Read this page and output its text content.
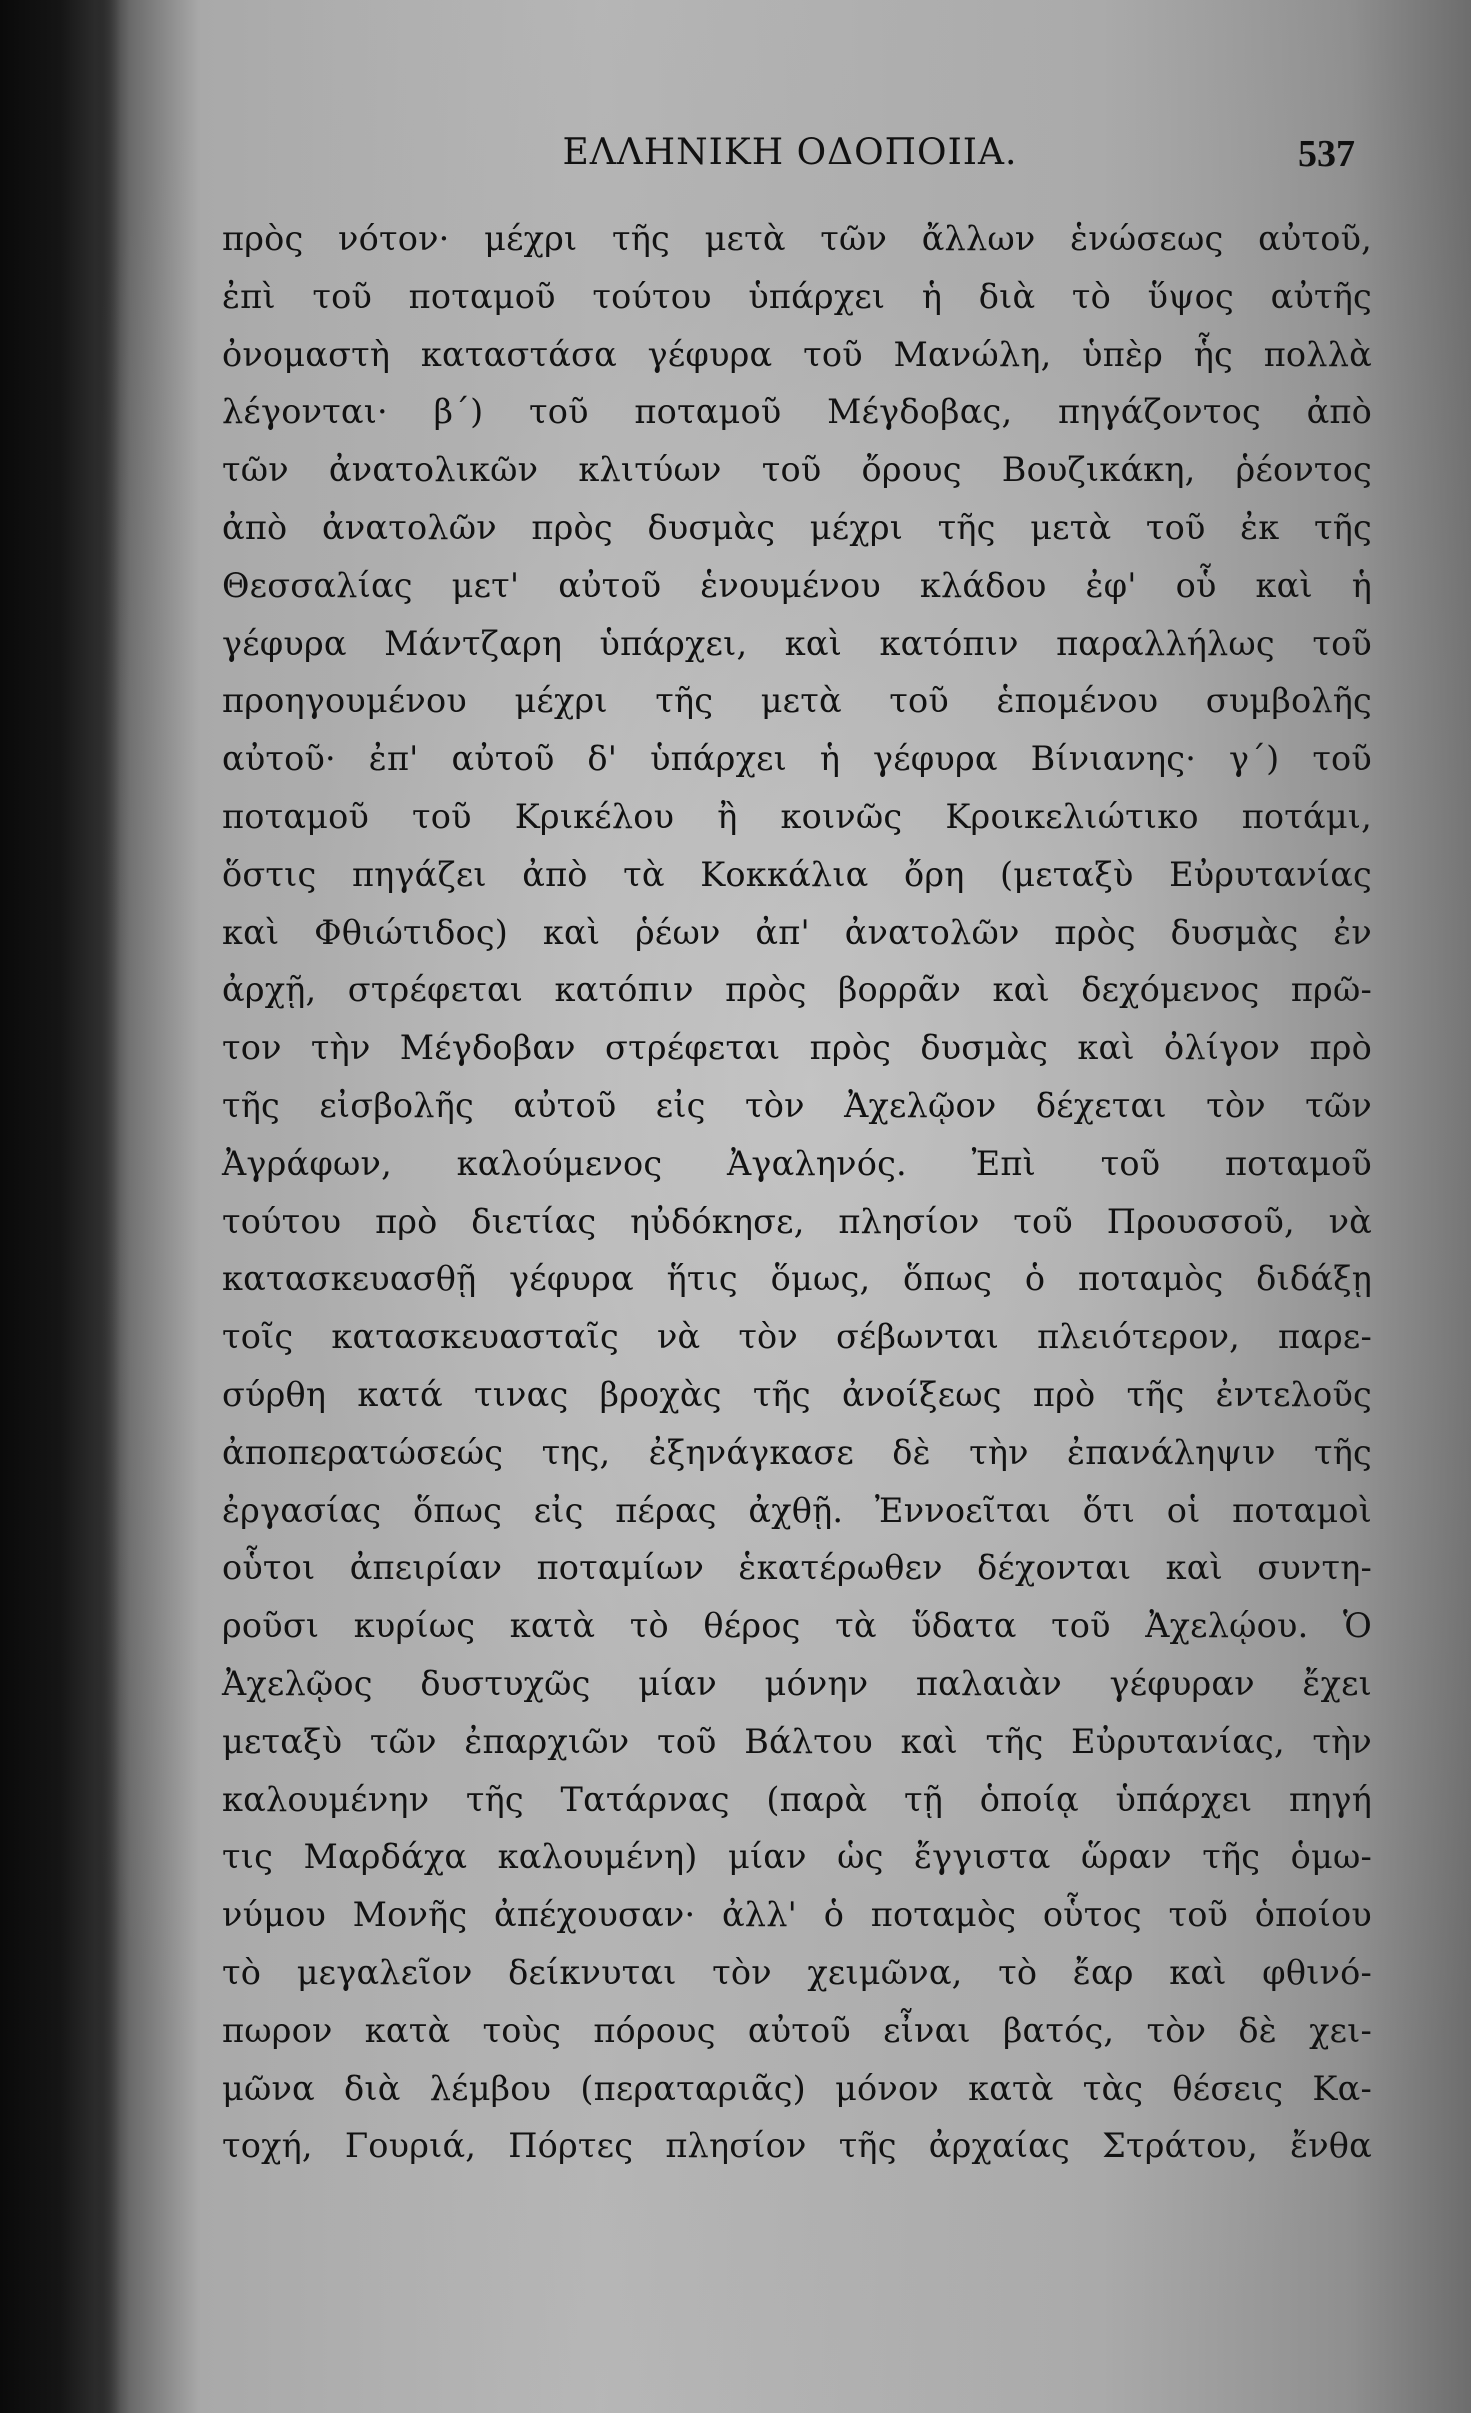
ΕΛΛΗΝΙΚΗ ΟΔΟΠΟΙΙΑ.	537
πρὸς νότον· μέχρι τῆς μετὰ τῶν ἄλλων ἑνώσεως αὐτοῦ,
ἐπὶ τοῦ ποταμοῦ τούτου ὑπάρχει ἡ διὰ τὸ ὕψος αὐτῆς
ὀνομαστὴ καταστάσα γέφυρα τοῦ Μανώλη, ὑπὲρ ἧς πολλὰ
λέγονται· β΄) τοῦ ποταμοῦ Μέγδοβας, πηγάζοντος ἀπὸ
τῶν ἀνατολικῶν κλιτύων τοῦ ὄρους Βουζικάκη, ῥέοντος
ἀπὸ ἀνατολῶν πρὸς δυσμὰς μέχρι τῆς μετὰ τοῦ ἐκ τῆς
Θεσσαλίας μετ' αὐτοῦ ἑνουμένου κλάδου ἐφ' οὗ καὶ ἡ
γέφυρα Μάντζαρη ὑπάρχει, καὶ κατόπιν παραλλήλως τοῦ
προηγουμένου μέχρι τῆς μετὰ τοῦ ἑπομένου συμβολῆς
αὐτοῦ· ἐπ' αὐτοῦ δ' ὑπάρχει ἡ γέφυρα Βίνιανης· γ΄) τοῦ
ποταμοῦ τοῦ Κρικέλου ἢ κοινῶς Κροικελιώτικο ποτάμι,
ὅστις πηγάζει ἀπὸ τὰ Κοκκάλια ὄρη (μεταξὺ Εὐρυτανίας
καὶ Φθιώτιδος) καὶ ῥέων ἀπ' ἀνατολῶν πρὸς δυσμὰς ἐν
ἀρχῇ, στρέφεται κατόπιν πρὸς βορρᾶν καὶ δεχόμενος πρῶ-
τον τὴν Μέγδοβαν στρέφεται πρὸς δυσμὰς καὶ ὀλίγον πρὸ
τῆς εἰσβολῆς αὐτοῦ εἰς τὸν Ἀχελῷον δέχεται τὸν τῶν
Ἀγράφων, καλούμενος Ἀγαληνός. Ἐπὶ τοῦ ποταμοῦ
τούτου πρὸ διετίας ηὐδόκησε, πλησίον τοῦ Προυσσοῦ, νὰ
κατασκευασθῇ γέφυρα ἥτις ὅμως, ὅπως ὁ ποταμὸς διδάξῃ
τοῖς κατασκευασταῖς νὰ τὸν σέβωνται πλειότερον, παρε-
σύρθη κατά τινας βροχὰς τῆς ἀνοίξεως πρὸ τῆς ἐντελοῦς
ἀποπερατώσεώς της, ἐξηνάγκασε δὲ τὴν ἐπανάληψιν τῆς
ἐργασίας ὅπως εἰς πέρας ἀχθῇ. Ἐννοεῖται ὅτι οἱ ποταμοὶ
οὗτοι ἀπειρίαν ποταμίων ἑκατέρωθεν δέχονται καὶ συντη-
ροῦσι κυρίως κατὰ τὸ θέρος τὰ ὕδατα τοῦ Ἀχελῴου. Ὁ
Ἀχελῷος δυστυχῶς μίαν μόνην παλαιὰν γέφυραν ἔχει
μεταξὺ τῶν ἐπαρχιῶν τοῦ Βάλτου καὶ τῆς Εὐρυτανίας, τὴν
καλουμένην τῆς Τατάρνας (παρὰ τῇ ὁποίᾳ ὑπάρχει πηγή
τις Μαρδάχα καλουμένη) μίαν ὡς ἔγγιστα ὥραν τῆς ὁμω-
νύμου Μονῆς ἀπέχουσαν· ἀλλ' ὁ ποταμὸς οὗτος τοῦ ὁποίου
τὸ μεγαλεῖον δείκνυται τὸν χειμῶνα, τὸ ἔαρ καὶ φθινό-
πωρον κατὰ τοὺς πόρους αὐτοῦ εἶναι βατός, τὸν δὲ χει-
μῶνα διὰ λέμβου (περαταριᾶς) μόνον κατὰ τὰς θέσεις Κα-
τοχή, Γουριά, Πόρτες πλησίον τῆς ἀρχαίας Στράτου, ἔνθα
